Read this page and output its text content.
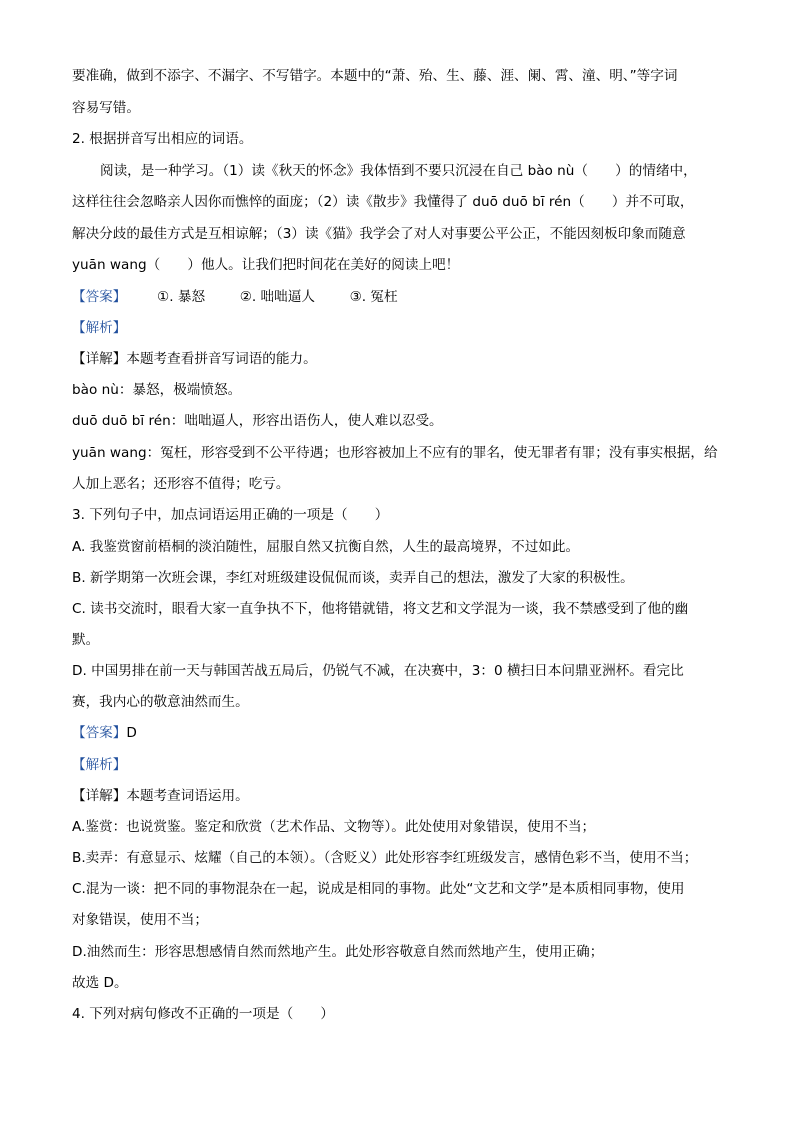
要准确，做到不添字、不漏字、不写错字。本题中的“萧、殆、生、藤、涯、阑、霄、潼、明、”等字词
容易写错。
2. 根据拼音写出相应的词语。
阅读，是一种学习。（1）读《秋天的怀念》我体悟到不要只沉浸在自己 bào nù（　　）的情绪中，
这样往往会忽略亲人因你而憔悴的面庞；（2）读《散步》我懂得了 duō duō bī rén（　　）并不可取，
解决分歧的最佳方式是互相谅解；（3）读《猫》我学会了对人对事要公平公正，不能因刻板印象而随意
yuān wang（　　）他人。让我们把时间花在美好的阅读上吧！
【答案】 ①. 暴怒	②. 咄咄逼人	③. 冤枉
【解析】
【详解】本题考查看拼音写词语的能力。
bào nù：暴怒，极端愤怒。
duō duō bī rén：咄咄逼人，形容出语伤人，使人难以忍受。
yuān wang：冤枉，形容受到不公平待遇；也形容被加上不应有的罪名，使无罪者有罪；没有事实根据，给
人加上恶名；还形容不值得；吃亏。
3. 下列句子中，加点词语运用正确的一项是（　　）
A. 我鉴赏窗前梧桐的淡泊随性，屈服自然又抗衡自然，人生的最高境界，不过如此。
B. 新学期第一次班会课，李红对班级建设侃侃而谈，卖弄自己的想法，激发了大家的积极性。
C. 读书交流时，眼看大家一直争执不下，他将错就错，将文艺和文学混为一谈，我不禁感受到了他的幽
默。
D. 中国男排在前一天与韩国苦战五局后，仍锐气不减，在决赛中，3：0 横扫日本问鼎亚洲杯。看完比
赛，我内心的敬意油然而生。
【答案】D
【解析】
【详解】本题考查词语运用。
A.鉴赏：也说赏鉴。鉴定和欣赏（艺术作品、文物等）。此处使用对象错误，使用不当；
B.卖弄：有意显示、炫耀（自己的本领）。（含贬义）此处形容李红班级发言，感情色彩不当，使用不当；
C.混为一谈：把不同的事物混杂在一起，说成是相同的事物。此处“文艺和文学”是本质相同事物，使用
对象错误，使用不当；
D.油然而生：形容思想感情自然而然地产生。此处形容敬意自然而然地产生，使用正确；
故选 D。
4. 下列对病句修改不正确的一项是（　　）
